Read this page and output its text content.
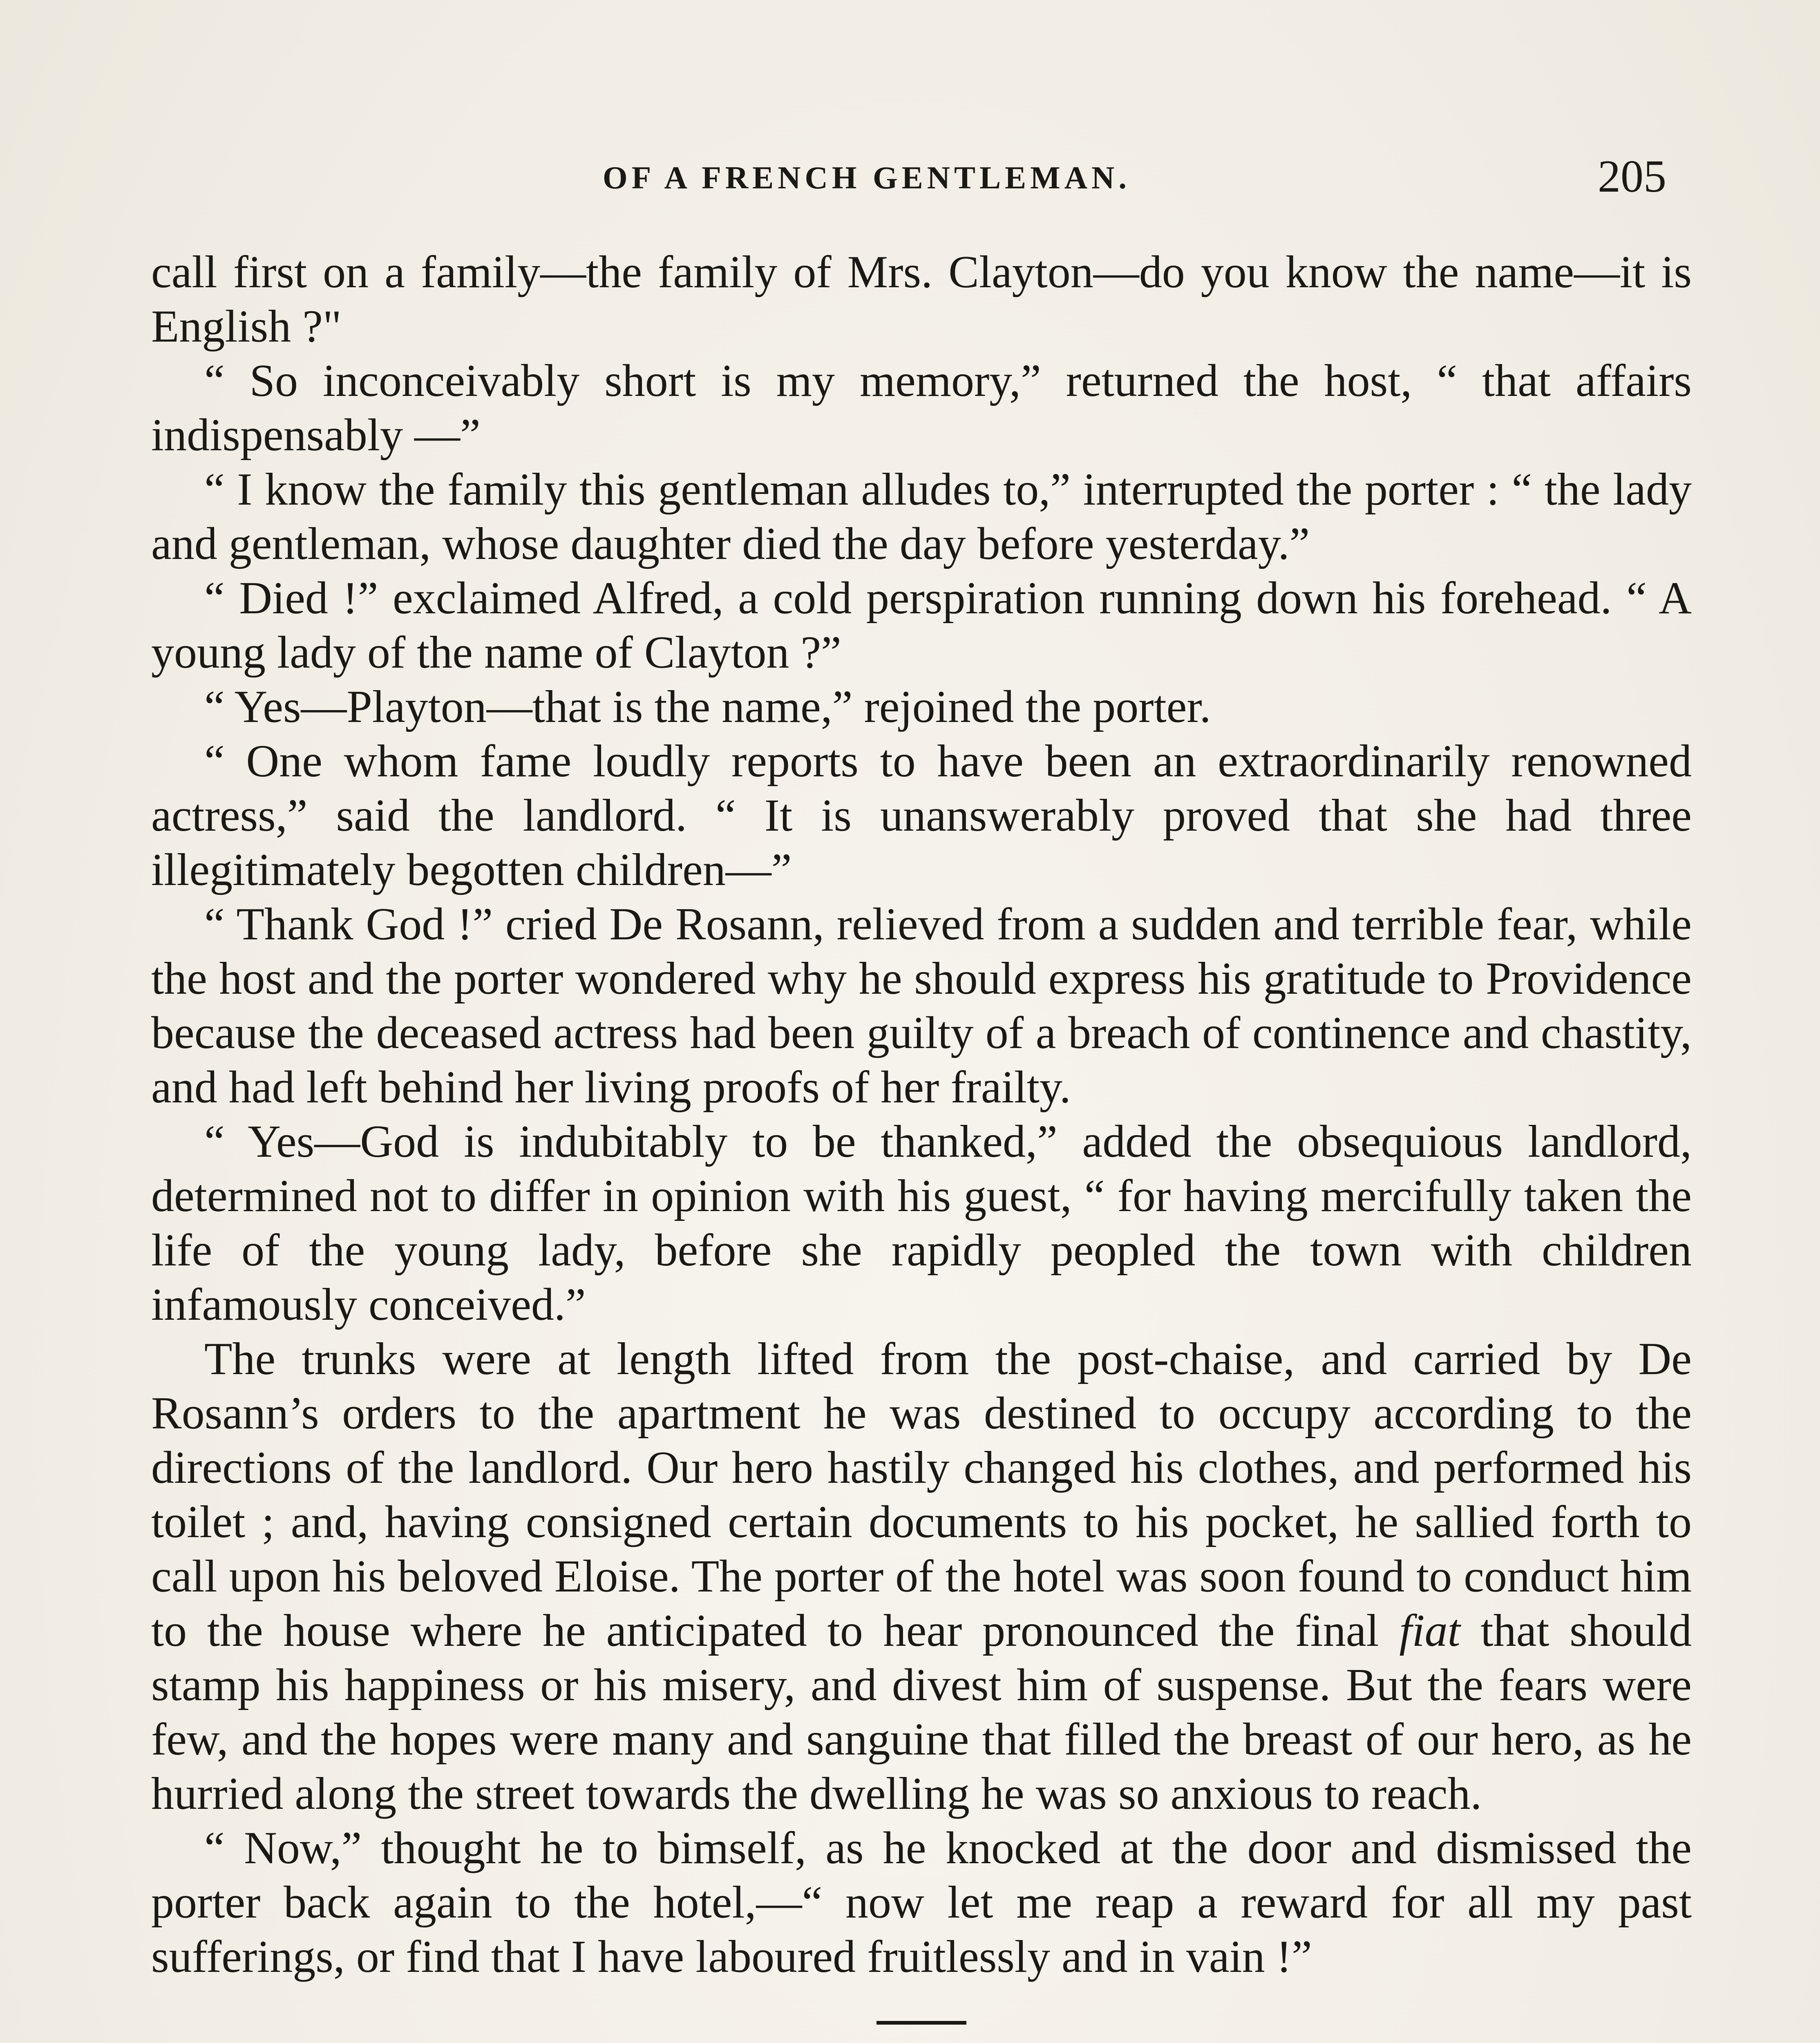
OF A FRENCH GENTLEMAN.	205

call first on a family—the family of Mrs. Clayton—do you know the name—it is English ?"

“ So inconceivably short is my memory,” returned the host, “ that affairs indispensably —”

“ I know the family this gentleman alludes to,” interrupted the porter : “ the lady and gentleman, whose daughter died the day before yesterday.”

“ Died !” exclaimed Alfred, a cold perspiration running down his forehead. “ A young lady of the name of Clayton ?”

“ Yes—Playton—that is the name,” rejoined the porter.

“ One whom fame loudly reports to have been an extraordinarily renowned actress,” said the landlord. “ It is unanswerably proved that she had three illegitimately begotten children—”

“ Thank God !” cried De Rosann, relieved from a sudden and terrible fear, while the host and the porter wondered why he should express his gratitude to Providence because the deceased actress had been guilty of a breach of continence and chastity, and had left behind her living proofs of her frailty.

“ Yes—God is indubitably to be thanked,” added the obsequious landlord, determined not to differ in opinion with his guest, “ for having mercifully taken the life of the young lady, before she rapidly peopled the town with children infamously conceived.”

The trunks were at length lifted from the post-chaise, and carried by De Rosann’s orders to the apartment he was destined to occupy according to the directions of the landlord. Our hero hastily changed his clothes, and performed his toilet ; and, having consigned certain documents to his pocket, he sallied forth to call upon his beloved Eloise. The porter of the hotel was soon found to conduct him to the house where he anticipated to hear pronounced the final fiat that should stamp his happiness or his misery, and divest him of suspense. But the fears were few, and the hopes were many and sanguine that filled the breast of our hero, as he hurried along the street towards the dwelling he was so anxious to reach.

“ Now,” thought he to bimself, as he knocked at the door and dismissed the porter back again to the hotel,—“ now let me reap a reward for all my past sufferings, or find that I have laboured fruitlessly and in vain !”
